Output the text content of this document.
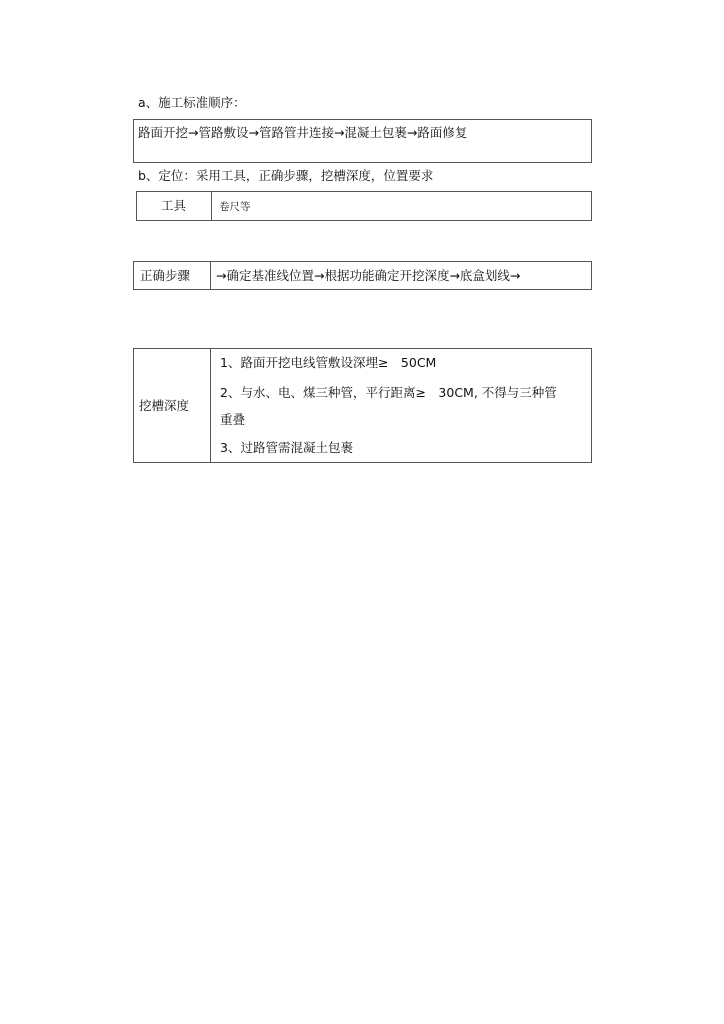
a、施工标准顺序：
路面开挖→管路敷设→管路管井连接→混凝土包裹→路面修复
b、定位：采用工具，正确步骤，挖槽深度，位置要求
工具	卷尺等
正确步骤 →确定基准线位置→根据功能确定开挖深度→底盒划线→
挖槽深度
1、路面开挖电线管敷设深埋≥　50CM
2、与水、电、煤三种管，平行距离≥　30CM, 不得与三种管
重叠
3、过路管需混凝土包裹
